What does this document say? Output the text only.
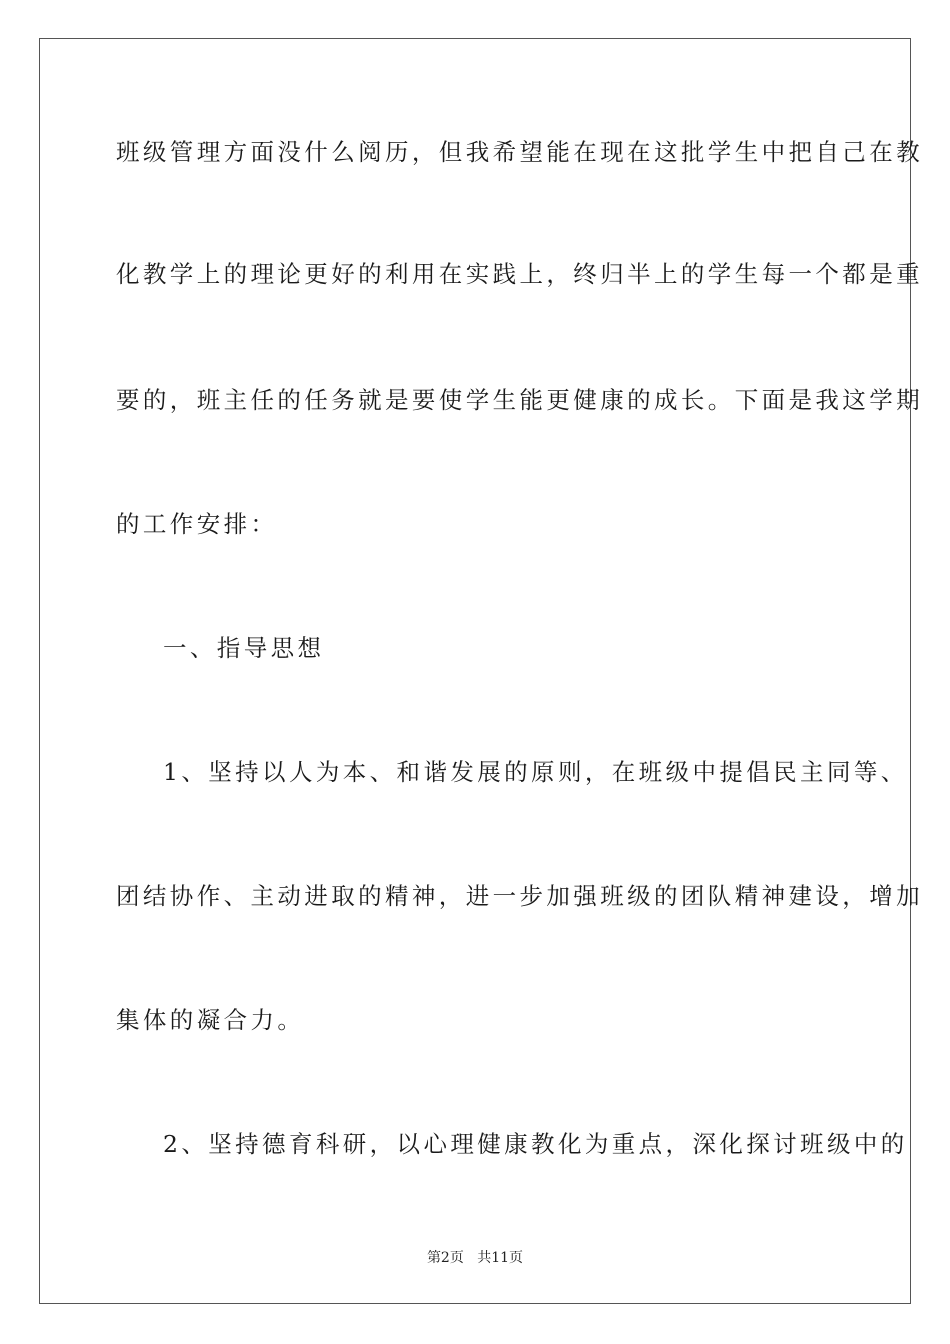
班级管理方面没什么阅历，但我希望能在现在这批学生中把自己在教

化教学上的理论更好的利用在实践上，终归半上的学生每一个都是重

要的，班主任的任务就是要使学生能更健康的成长。下面是我这学期

的工作安排：

一、指导思想

1、坚持以人为本、和谐发展的原则，在班级中提倡民主同等、

团结协作、主动进取的精神，进一步加强班级的团队精神建设，增加

集体的凝合力。

2、坚持德育科研，以心理健康教化为重点，深化探讨班级中的

第2页 共11页
